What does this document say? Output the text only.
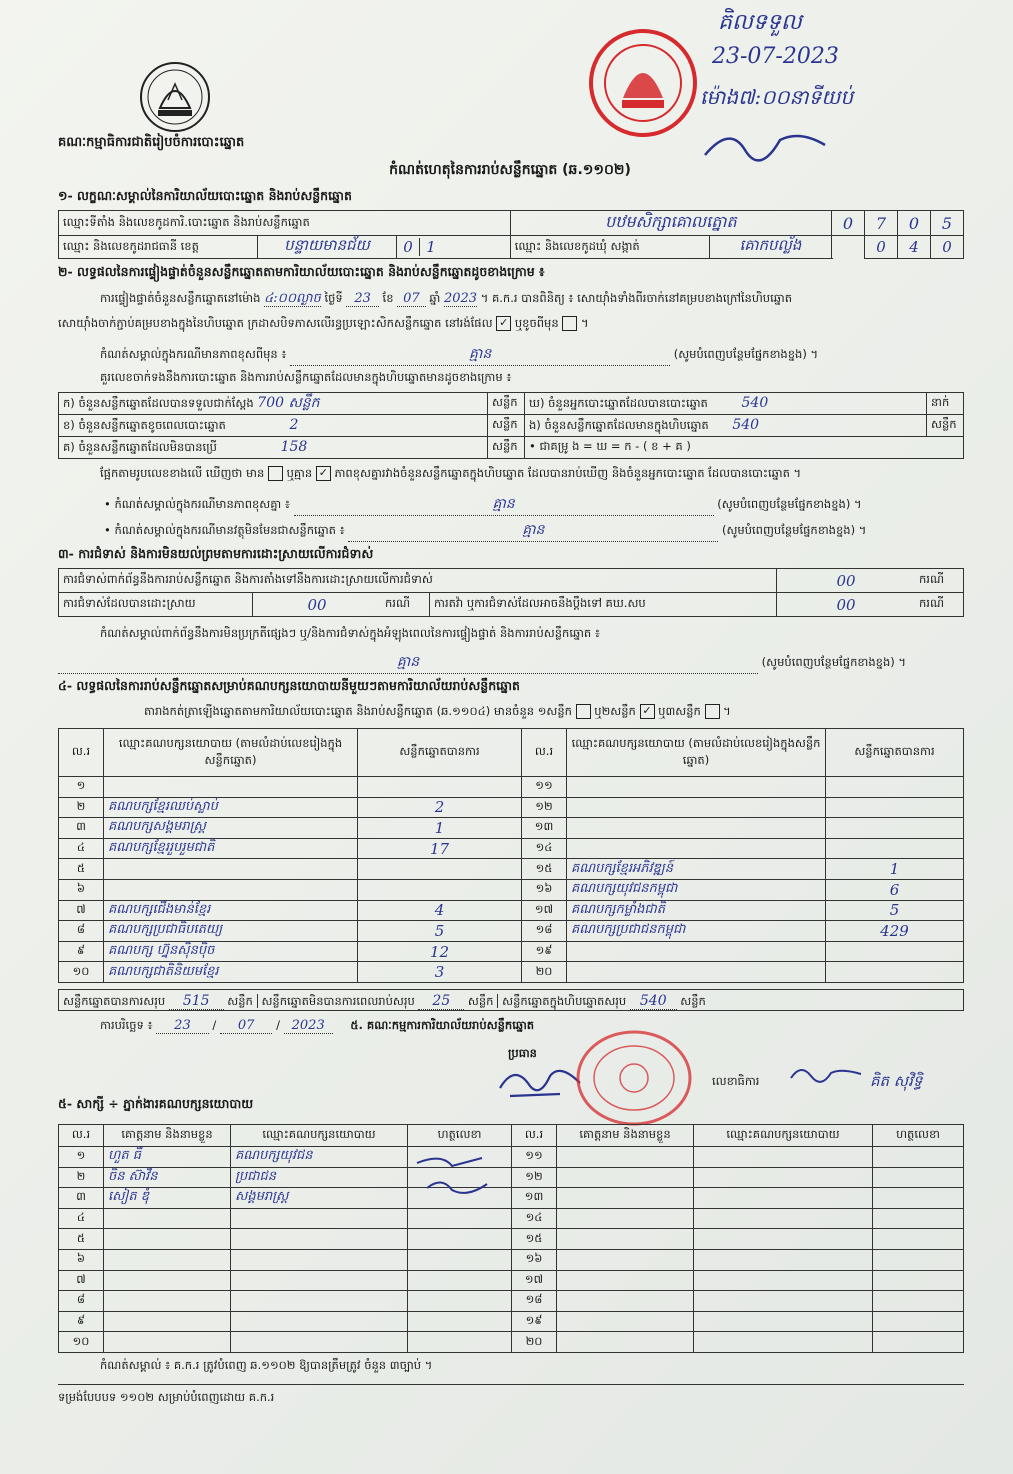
គណៈកម្មាធិការជាតិរៀបចំការបោះឆ្នោត
គិលទទួល
23-07-2023
ម៉ោង៧:០០នាទីយប់
កំណត់ហេតុនៃការរាប់សន្លឹកឆ្នោត (ឆ.១១០២)
១- លក្ខណៈសម្គាល់នៃការិយាល័យបោះឆ្នោត និងរាប់សន្លឹកឆ្នោត
ឈ្មោះទីតាំង និងលេខកូដការិ.បោះឆ្នោត និងរាប់សន្លឹកឆ្នោត			បឋមសិក្សាគោលត្នោត		0	7	0	5
ឈ្មោះ និងលេខកូដរាជធានី ខេត្ត	បន្ទាយមានជ័យ	0 1	ឈ្មោះ និងលេខកូដឃុំ សង្កាត់	គោកបល្ល័ង		0	4	0
២- លទ្ធផលនៃការផ្ទៀងផ្ទាត់ចំនួនសន្លឹកឆ្នោតតាមការិយាល័យបោះឆ្នោត និងរាប់សន្លឹកឆ្នោតដូចខាងក្រោម ៖
ការផ្ទៀងផ្ទាត់ចំនួនសន្លឹកឆ្នោតនៅម៉ោង ៤:០០ល្ងាច ថ្ងៃទី 23 ខែ 07 ឆ្នាំ 2023 ។ គ.ក.រ បានពិនិត្យ ៖ សោយ៉ាំងទាំងពីរចាក់នៅគម្របខាងក្រៅនៃហិបឆ្នោត
សោយ៉ាំងចាក់ភ្ជាប់គម្របខាងក្នុងនៃហិបឆ្នោត ក្រដាសបិទភាសលើរន្ធប្រឡោះសិកសន្លឹកឆ្នោត នៅរង់ផែល ✓ ឬខូចពីមុន  ។
កំណត់សម្គាល់ក្នុងករណីមានភាពខុសពីមុន ៖	គ្មាន	(សូមបំពេញបន្ថែមផ្នែកខាងខ្នង) ។
គួរលេខចាក់ទងនឹងការបោះឆ្នោត និងការរាប់សន្លឹកឆ្នោតដែលមានក្នុងហិបឆ្នោតមានដូចខាងក្រោម ៖
ក) ចំនួនសន្លឹកឆ្នោតដែលបានទទួលជាក់ស្តែង 700 សន្លឹក	សន្លឹក	ឃ) ចំនួនអ្នកបោះឆ្នោតដែលបានបោះឆ្នោត 540	នាក់
ខ) ចំនួនសន្លឹកឆ្នោតខូចពេលបោះឆ្នោត 2	សន្លឹក	ង) ចំនួនសន្លឹកឆ្នោតដែលមានក្នុងហិបឆ្នោត 540	សន្លឹក
គ) ចំនួនសន្លឹកឆ្នោតដែលមិនបានប្រើ 158	សន្លឹក	• ជាគម្រូ ង = ឃ = ក - ( ខ + គ )	
ផ្អែកតាមរូបលេខខាងលើ ឃើញថា មាន ឬគ្មាន ✓ ភាពខុសគ្នារវាងចំនួនសន្លឹកឆ្នោតក្នុងហិបឆ្នោត ដែលបានរាប់ឃើញ និងចំនួនអ្នកបោះឆ្នោត ដែលបានបោះឆ្នោត ។
• កំណត់សម្គាល់ក្នុងករណីមានភាពខុសគ្នា ៖	គ្មាន	(សូមបំពេញបន្ថែមផ្នែកខាងខ្នង) ។
• កំណត់សម្គាល់ក្នុងករណីមានវត្ថុមិនមែនជាសន្លឹកឆ្នោត ៖	គ្មាន	(សូមបំពេញបន្ថែមផ្នែកខាងខ្នង) ។
៣- ការជំទាស់ និងការមិនយល់ព្រមតាមការដោះស្រាយលើការជំទាស់
ការជំទាស់ពាក់ព័ន្ធនឹងការរាប់សន្លឹកឆ្នោត និងការតាំងទៅនឹងការដោះស្រាយលើការជំទាស់				00	ករណី
ការជំទាស់ដែលបានដោះស្រាយ	00	ករណី	ការតវ៉ា ឬការជំទាស់ដែលអាចនឹងប្តឹងទៅ គឃ.សប	00	ករណី
កំណត់សម្គាល់ពាក់ព័ន្ធនឹងការមិនប្រក្រតីផ្សេងៗ ឬ/និងការជំទាស់ក្នុងអំឡុងពេលនៃការផ្ទៀងផ្ទាត់ និងការរាប់សន្លឹកឆ្នោត ៖
គ្មាន	(សូមបំពេញបន្ថែមផ្នែកខាងខ្នង) ។
៤- លទ្ធផលនៃការរាប់សន្លឹកឆ្នោតសម្រាប់គណបក្សនយោបាយនីមួយៗតាមការិយាល័យរាប់សន្លឹកឆ្នោត
តារាងកត់ត្រាឡើងឆ្នោតតាមការិយាល័យបោះឆ្នោត និងរាប់សន្លឹកឆ្នោត (ឆ.១១០៤) មានចំនួន ១សន្លឹក ឬ២សន្លឹក ✓ ឬ៣សន្លឹក  ។
ល.រ	ឈ្មោះគណបក្សនយោបាយ (តាមលំដាប់លេខរៀងក្នុងសន្លឹកឆ្នោត)	សន្លឹកឆ្នោតបានការ	ល.រ	ឈ្មោះគណបក្សនយោបាយ (តាមលំដាប់លេខរៀងក្នុងសន្លឹកឆ្នោត)	សន្លឹកឆ្នោតបានការ
១			១១		
២	គណបក្សខ្មែរឈប់ស្លាប់	2	១២		
៣	គណបក្សសង្គមរាស្ត្រ	1	១៣		
៤	គណបក្សខ្មែររួបរួមជាតិ	17	១៤		
៥			១៥	គណបក្សខ្មែរអភិវឌ្ឍន៍	1
៦			១៦	គណបក្សយុវជនកម្ពុជា	6
៧	គណបក្សជើងមាន់ខ្មែរ	4	១៧	គណបក្សកម្លាំងជាតិ	5
៨	គណបក្សប្រជាធិបតេយ្យ	5	១៨	គណបក្សប្រជាជនកម្ពុជា	429
៩	គណបក្ស ហ្វ៊ុនស៊ិនប៉ិច	12	១៩		
១០	គណបក្សជាតិនិយមខ្មែរ	3	២០		
សន្លឹកឆ្នោតបានការសរុប 515 សន្លឹក សន្លឹកឆ្នោតមិនបានការពេលរាប់សរុប 25 សន្លឹក សន្លឹកឆ្នោតក្នុងហិបឆ្នោតសរុប 540 សន្លឹក
ការបរិច្ឆេទ ៖ 23 / 07 / 2023 ៥. គណៈកម្មការការិយាល័យរាប់សន្លឹកឆ្នោត
ប្រធាន
លេខាធិការ	គិត សុវិទ្ធិ
៥- សាក្សី ÷ ភ្នាក់ងារគណបក្សនយោបាយ
ល.រ	គោត្តនាម និងនាមខ្លួន	ឈ្មោះគណបក្សនយោបាយ	ហត្ថលេខា	ល.រ	គោត្តនាម និងនាមខ្លួន	ឈ្មោះគណបក្សនយោបាយ	ហត្ថលេខា
១	ហួត ធី	គណបក្សយុវជន		១១			
២	ចិន ស៊ាវីន	ប្រជាជន		១២			
៣	សៀត ឌុំ	សង្គមរាស្ត្រ		១៣			
៤				១៤			
៥				១៥			
៦				១៦			
៧				១៧			
៨				១៨			
៩				១៩			
១០				២០			
កំណត់សម្គាល់ ៖ គ.ក.រ ត្រូវបំពេញ ឆ.១១០២ ឱ្យបានត្រឹមត្រូវ ចំនួន ៣ច្បាប់ ។
ទម្រង់បែបបទ ១១០២ សម្រាប់បំពេញដោយ គ.ក.រ
